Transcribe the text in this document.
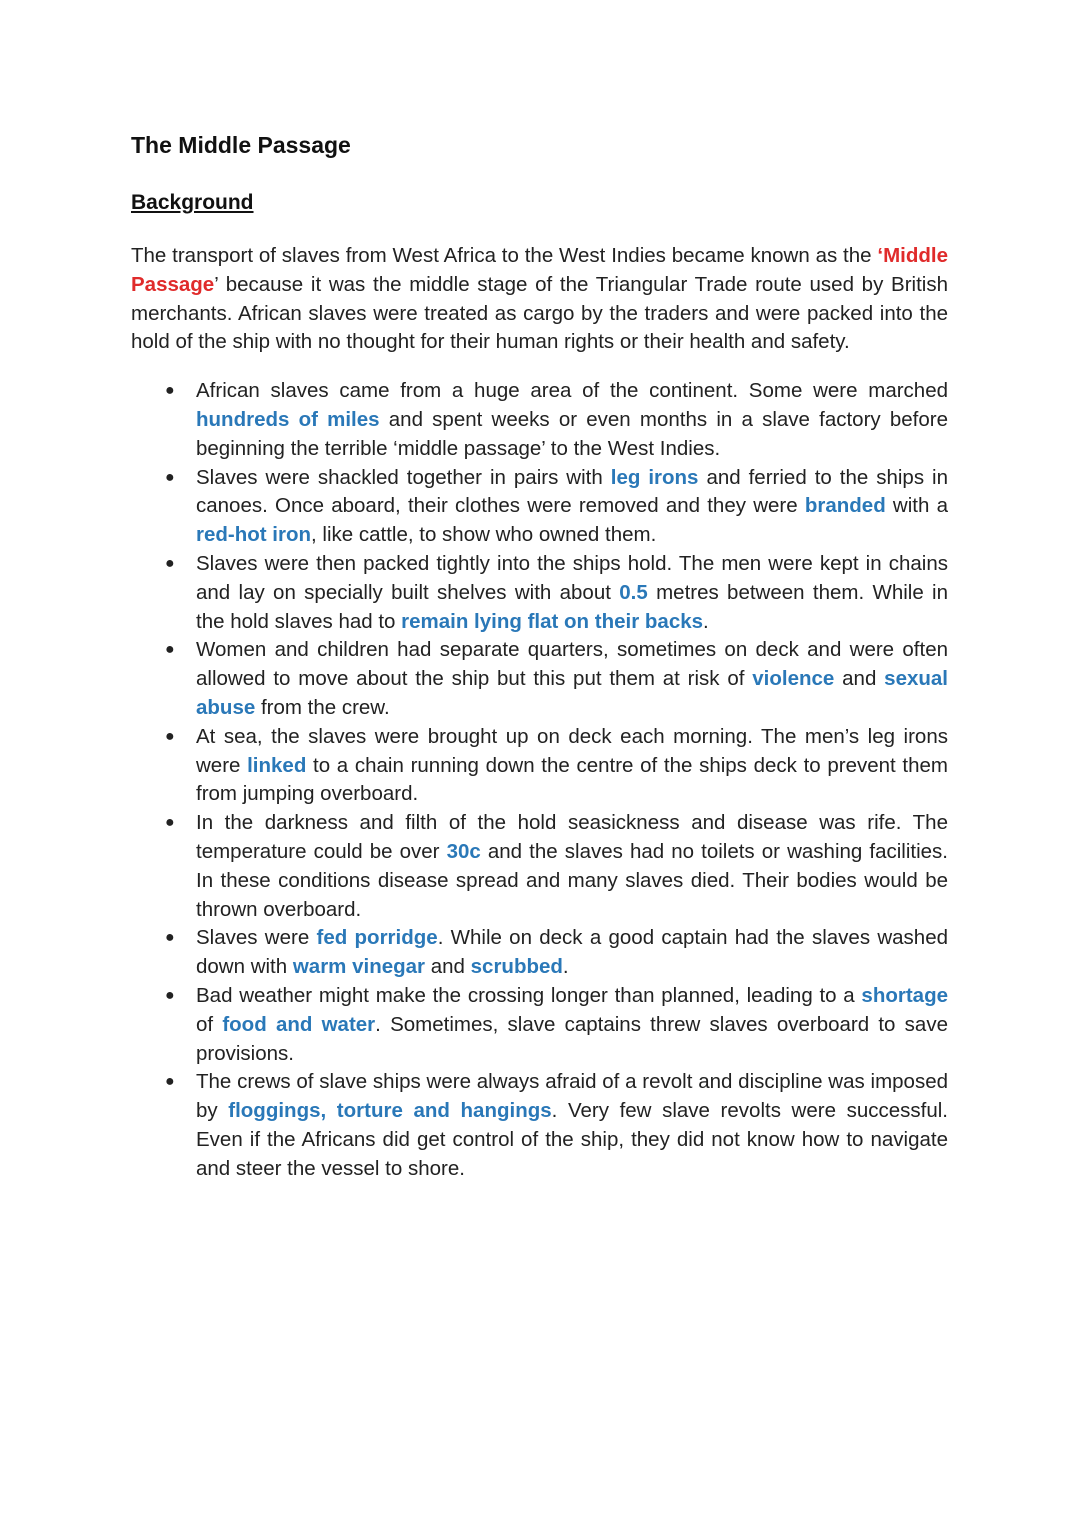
The Middle Passage
Background

The transport of slaves from West Africa to the West Indies became known as the ‘Middle Passage’ because it was the middle stage of the Triangular Trade route used by British merchants. African slaves were treated as cargo by the traders and were packed into the hold of the ship with no thought for their human rights or their health and safety.

● African slaves came from a huge area of the continent. Some were marched hundreds of miles and spent weeks or even months in a slave factory before beginning the terrible ‘middle passage’ to the West Indies.
● Slaves were shackled together in pairs with leg irons and ferried to the ships in canoes. Once aboard, their clothes were removed and they were branded with a red-hot iron, like cattle, to show who owned them.
● Slaves were then packed tightly into the ships hold. The men were kept in chains and lay on specially built shelves with about 0.5 metres between them. While in the hold slaves had to remain lying flat on their backs.
● Women and children had separate quarters, sometimes on deck and were often allowed to move about the ship but this put them at risk of violence and sexual abuse from the crew.
● At sea, the slaves were brought up on deck each morning. The men’s leg irons were linked to a chain running down the centre of the ships deck to prevent them from jumping overboard.
● In the darkness and filth of the hold seasickness and disease was rife. The temperature could be over 30c and the slaves had no toilets or washing facilities. In these conditions disease spread and many slaves died. Their bodies would be thrown overboard.
● Slaves were fed porridge. While on deck a good captain had the slaves washed down with warm vinegar and scrubbed.
● Bad weather might make the crossing longer than planned, leading to a shortage of food and water. Sometimes, slave captains threw slaves overboard to save provisions.
● The crews of slave ships were always afraid of a revolt and discipline was imposed by floggings, torture and hangings. Very few slave revolts were successful. Even if the Africans did get control of the ship, they did not know how to navigate and steer the vessel to shore.
